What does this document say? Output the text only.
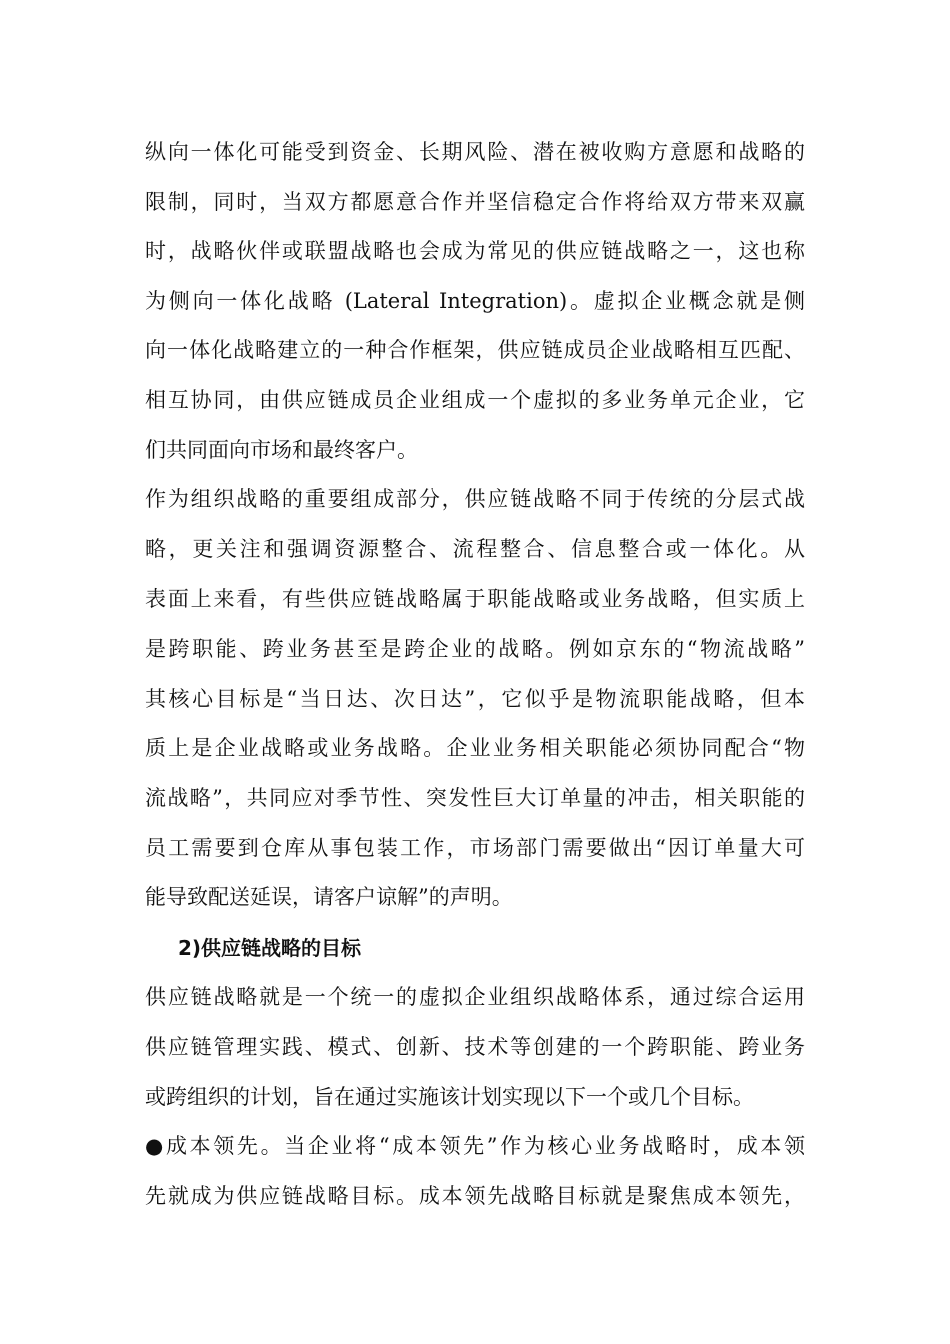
纵向一体化可能受到资金、长期风险、潜在被收购方意愿和战略的
限制，同时，当双方都愿意合作并坚信稳定合作将给双方带来双赢
时，战略伙伴或联盟战略也会成为常见的供应链战略之一，这也称
为侧向一体化战略 (Lateral Integration)。虚拟企业概念就是侧
向一体化战略建立的一种合作框架，供应链成员企业战略相互匹配、
相互协同，由供应链成员企业组成一个虚拟的多业务单元企业，它
们共同面向市场和最终客户。
作为组织战略的重要组成部分，供应链战略不同于传统的分层式战
略，更关注和强调资源整合、流程整合、信息整合或一体化。从
表面上来看，有些供应链战略属于职能战略或业务战略，但实质上
是跨职能、跨业务甚至是跨企业的战略。例如京东的“物流战略”
其核心目标是“当日达、次日达”，它似乎是物流职能战略，但本
质上是企业战略或业务战略。企业业务相关职能必须协同配合“物
流战略”，共同应对季节性、突发性巨大订单量的冲击，相关职能的
员工需要到仓库从事包装工作，市场部门需要做出“因订单量大可
能导致配送延误，请客户谅解”的声明。
2)供应链战略的目标
供应链战略就是一个统一的虚拟企业组织战略体系，通过综合运用
供应链管理实践、模式、创新、技术等创建的一个跨职能、跨业务
或跨组织的计划，旨在通过实施该计划实现以下一个或几个目标。
●成本领先。当企业将“成本领先”作为核心业务战略时，成本领
先就成为供应链战略目标。成本领先战略目标就是聚焦成本领先，
